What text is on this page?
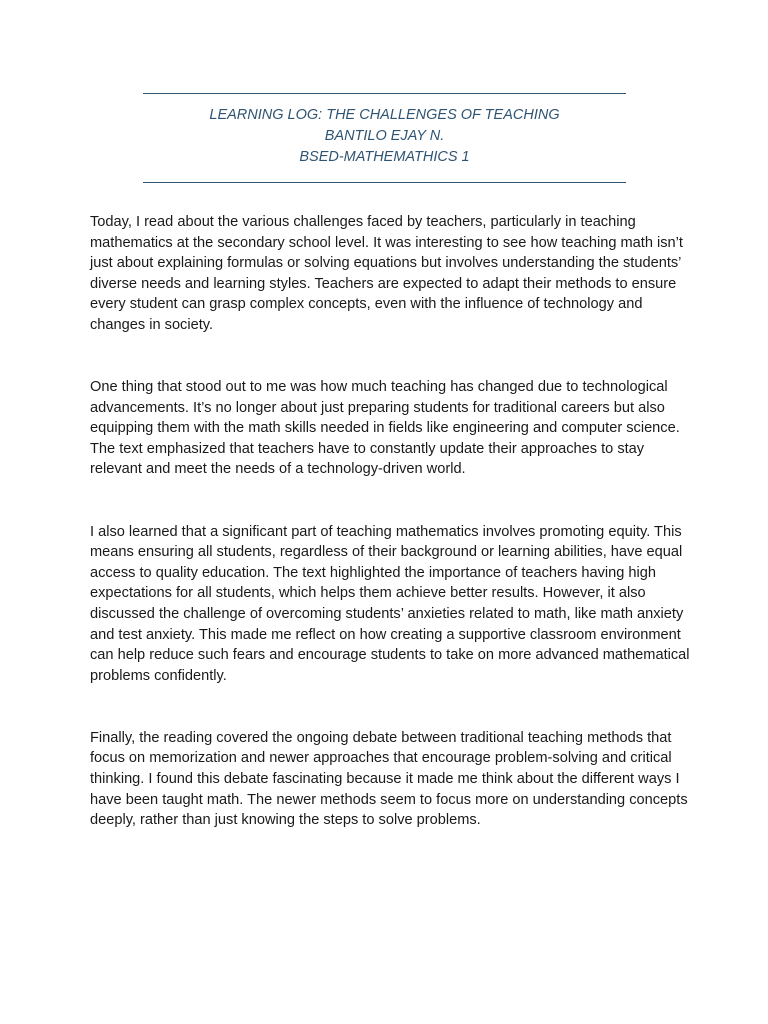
LEARNING LOG: THE CHALLENGES OF TEACHING
BANTILO EJAY N.
BSED-MATHEMATHICS 1

Today, I read about the various challenges faced by teachers, particularly in teaching mathematics at the secondary school level. It was interesting to see how teaching math isn’t just about explaining formulas or solving equations but involves understanding the students’ diverse needs and learning styles. Teachers are expected to adapt their methods to ensure every student can grasp complex concepts, even with the influence of technology and changes in society.

One thing that stood out to me was how much teaching has changed due to technological advancements. It’s no longer about just preparing students for traditional careers but also equipping them with the math skills needed in fields like engineering and computer science. The text emphasized that teachers have to constantly update their approaches to stay relevant and meet the needs of a technology-driven world.

I also learned that a significant part of teaching mathematics involves promoting equity. This means ensuring all students, regardless of their background or learning abilities, have equal access to quality education. The text highlighted the importance of teachers having high expectations for all students, which helps them achieve better results. However, it also discussed the challenge of overcoming students’ anxieties related to math, like math anxiety and test anxiety. This made me reflect on how creating a supportive classroom environment can help reduce such fears and encourage students to take on more advanced mathematical problems confidently.

Finally, the reading covered the ongoing debate between traditional teaching methods that focus on memorization and newer approaches that encourage problem-solving and critical thinking. I found this debate fascinating because it made me think about the different ways I have been taught math. The newer methods seem to focus more on understanding concepts deeply, rather than just knowing the steps to solve problems.
